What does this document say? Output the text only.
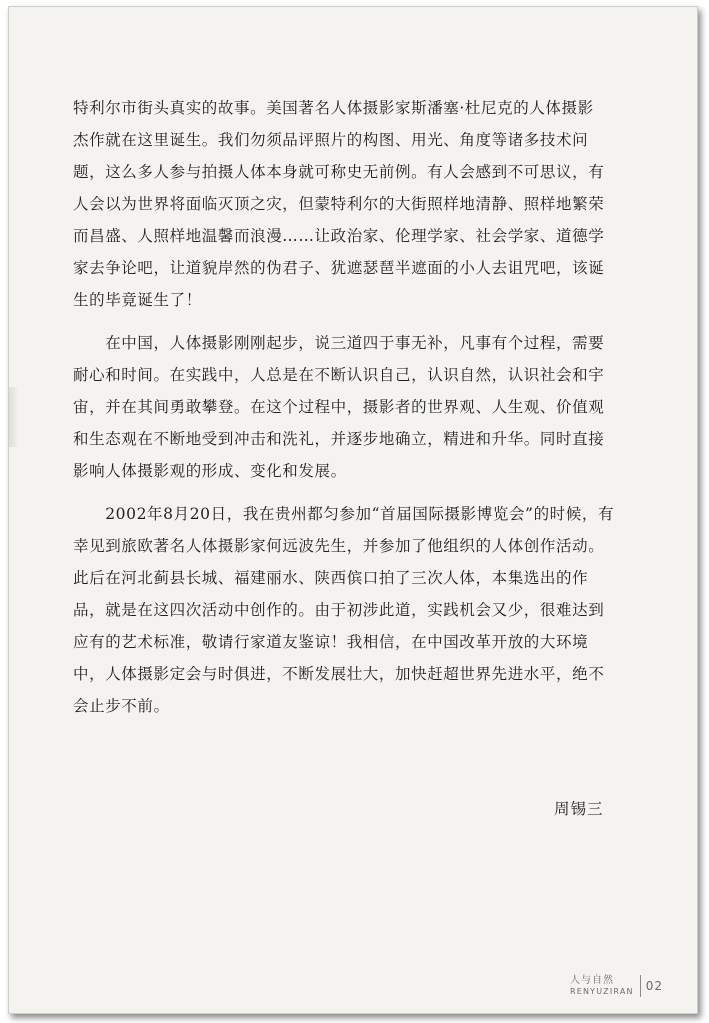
特利尔市街头真实的故事。美国著名人体摄影家斯潘塞·杜尼克的人体摄影
杰作就在这里诞生。我们勿须品评照片的构图、用光、角度等诸多技术问
题，这么多人参与拍摄人体本身就可称史无前例。有人会感到不可思议，有
人会以为世界将面临灭顶之灾，但蒙特利尔的大街照样地清静、照样地繁荣
而昌盛、人照样地温馨而浪漫……让政治家、伦理学家、社会学家、道德学
家去争论吧，让道貌岸然的伪君子、犹遮瑟琶半遮面的小人去诅咒吧，该诞
生的毕竟诞生了！
　　在中国，人体摄影刚刚起步，说三道四于事无补，凡事有个过程，需要
耐心和时间。在实践中，人总是在不断认识自己，认识自然，认识社会和宇
宙，并在其间勇敢攀登。在这个过程中，摄影者的世界观、人生观、价值观
和生态观在不断地受到冲击和洗礼，并逐步地确立，精进和升华。同时直接
影响人体摄影观的形成、变化和发展。
　　2002年8月20日，我在贵州都匀参加“首届国际摄影博览会”的时候，有
幸见到旅欧著名人体摄影家何远波先生，并参加了他组织的人体创作活动。
此后在河北蓟县长城、福建丽水、陕西傧口拍了三次人体，本集选出的作
品，就是在这四次活动中创作的。由于初涉此道，实践机会又少，很难达到
应有的艺术标准，敬请行家道友鉴谅！我相信，在中国改革开放的大环境
中，人体摄影定会与时俱进，不断发展壮大，加快赶超世界先进水平，绝不
会止步不前。
周锡三
人与自然
RENYUZIRAN 02
